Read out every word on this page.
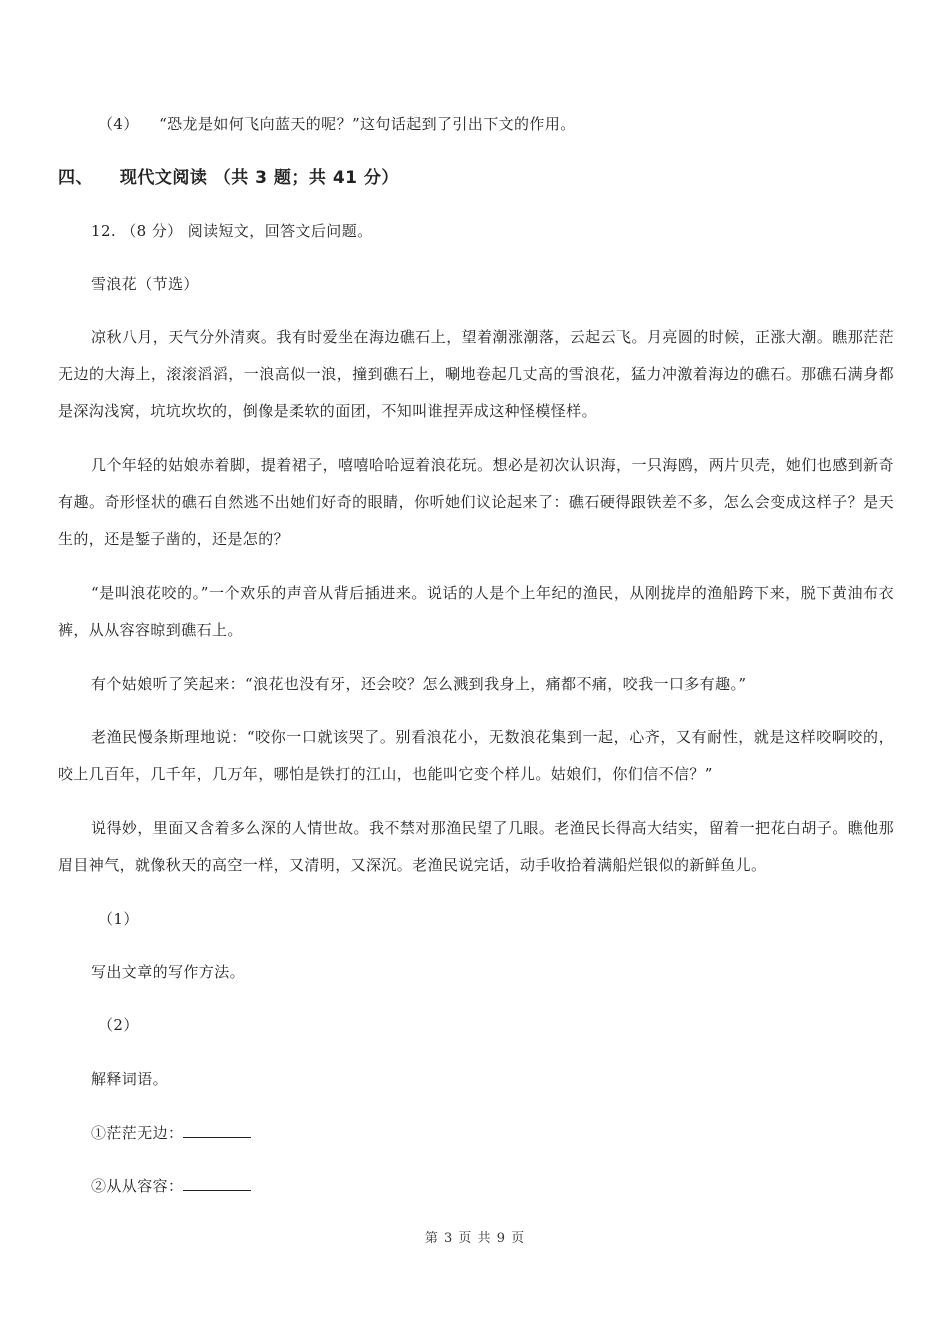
（4） “恐龙是如何飞向蓝天的呢？”这句话起到了引出下文的作用。
四、 现代文阅读 （共 3 题；共 41 分）
12. （8 分） 阅读短文，回答文后问题。
雪浪花（节选）

凉秋八月，天气分外清爽。我有时爱坐在海边礁石上，望着潮涨潮落，云起云飞。月亮圆的时候，正涨大潮。瞧那茫茫无边的大海上，滚滚滔滔，一浪高似一浪，撞到礁石上，唰地卷起几丈高的雪浪花，猛力冲激着海边的礁石。那礁石满身都是深沟浅窝，坑坑坎坎的，倒像是柔软的面团，不知叫谁捏弄成这种怪模怪样。

几个年轻的姑娘赤着脚，提着裙子，嘻嘻哈哈逗着浪花玩。想必是初次认识海，一只海鸥，两片贝壳，她们也感到新奇有趣。奇形怪状的礁石自然逃不出她们好奇的眼睛，你听她们议论起来了：礁石硬得跟铁差不多，怎么会变成这样子？是天生的，还是錾子凿的，还是怎的？

“是叫浪花咬的。”一个欢乐的声音从背后插进来。说话的人是个上年纪的渔民，从刚拢岸的渔船跨下来，脱下黄油布衣裤，从从容容晾到礁石上。

有个姑娘听了笑起来：“浪花也没有牙，还会咬？怎么溅到我身上，痛都不痛，咬我一口多有趣。”

老渔民慢条斯理地说：“咬你一口就该哭了。别看浪花小，无数浪花集到一起，心齐，又有耐性，就是这样咬啊咬的，咬上几百年，几千年，几万年，哪怕是铁打的江山，也能叫它变个样儿。姑娘们，你们信不信？”

说得妙，里面又含着多么深的人情世故。我不禁对那渔民望了几眼。老渔民长得高大结实，留着一把花白胡子。瞧他那眉目神气，就像秋天的高空一样，又清明，又深沉。老渔民说完话，动手收拾着满船烂银似的新鲜鱼儿。

（1）
写出文章的写作方法。
（2）
解释词语。
①茫茫无边：
②从从容容：
第 3 页 共 9 页
